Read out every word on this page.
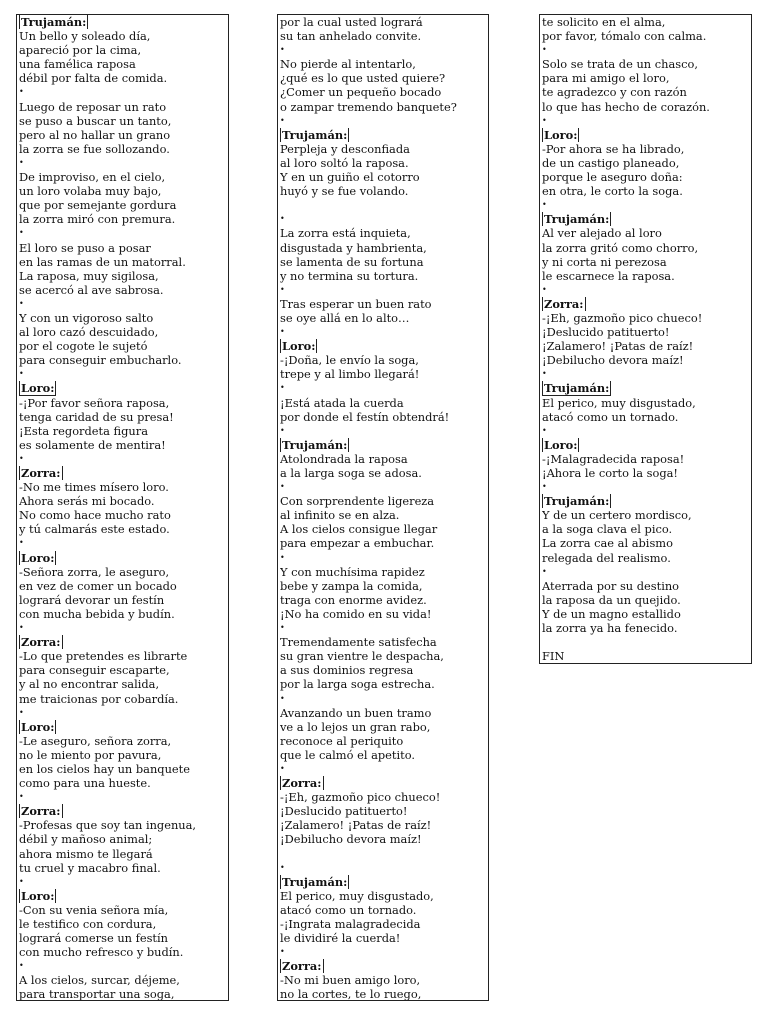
Trujamán:
Un bello y soleado día,
apareció por la cima,
una famélica raposa
débil por falta de comida.
•
Luego de reposar un rato
se puso a buscar un tanto,
pero al no hallar un grano
la zorra se fue sollozando.
•
De improviso, en el cielo,
un loro volaba muy bajo,
que por semejante gordura
la zorra miró con premura.
•
El loro se puso a posar
en las ramas de un matorral.
La raposa, muy sigilosa,
se acercó al ave sabrosa.
•
Y con un vigoroso salto
al loro cazó descuidado,
por el cogote le sujetó
para conseguir embucharlo.
•
Loro:
-¡Por favor señora raposa,
tenga caridad de su presa!
¡Esta regordeta figura
es solamente de mentira!
•
Zorra:
-No me times mísero loro.
Ahora serás mi bocado.
No como hace mucho rato
y tú calmarás este estado.
•
Loro:
-Señora zorra, le aseguro,
en vez de comer un bocado
logrará devorar un festín
con mucha bebida y budín.
•
Zorra:
-Lo que pretendes es librarte
para conseguir escaparte,
y al no encontrar salida,
me traicionas por cobardía.
•
Loro:
-Le aseguro, señora zorra,
no le miento por pavura,
en los cielos hay un banquete
como para una hueste.
•
Zorra:
-Profesas que soy tan ingenua,
débil y mañoso animal;
ahora mismo te llegará
tu cruel y macabro final.
•
Loro:
-Con su venia señora mía,
le testifico con cordura,
logrará comerse un festín
con mucho refresco y budín.
•
A los cielos, surcar, déjeme,
para transportar una soga,
por la cual usted logrará
su tan anhelado convite.
•
No pierde al intentarlo,
¿qué es lo que usted quiere?
¿Comer un pequeño bocado
o zampar tremendo banquete?
•
Trujamán:
Perpleja y desconfiada
al loro soltó la raposa.
Y en un guiño el cotorro
huyó y se fue volando.
•
La zorra está inquieta,
disgustada y hambrienta,
se lamenta de su fortuna
y no termina su tortura.
•
Tras esperar un buen rato
se oye allá en lo alto…
•
Loro:
-¡Doña, le envío la soga,
trepe y al limbo llegará!
•
¡Está atada la cuerda
por donde el festín obtendrá!
•
Trujamán:
Atolondrada la raposa
a la larga soga se adosa.
•
Con sorprendente ligereza
al infinito se en alza.
A los cielos consigue llegar
para empezar a embuchar.
•
Y con muchísima rapidez
bebe y zampa la comida,
traga con enorme avidez.
¡No ha comido en su vida!
•
Tremendamente satisfecha
su gran vientre le despacha,
a sus dominios regresa
por la larga soga estrecha.
•
Avanzando un buen tramo
ve a lo lejos un gran rabo,
reconoce al periquito
que le calmó el apetito.
•
Zorra:
-¡Eh, gazmoño pico chueco!
¡Deslucido patituerto!
¡Zalamero! ¡Patas de raíz!
¡Debilucho devora maíz!
•
Trujamán:
El perico, muy disgustado,
atacó como un tornado.
-¡Ingrata malagradecida
le dividiré la cuerda!
•
Zorra:
-No mi buen amigo loro,
no la cortes, te lo ruego,
te solicito en el alma,
por favor, tómalo con calma.
•
Solo se trata de un chasco,
para mi amigo el loro,
te agradezco y con razón
lo que has hecho de corazón.
•
Loro:
-Por ahora se ha librado,
de un castigo planeado,
porque le aseguro doña:
en otra, le corto la soga.
•
Trujamán:
Al ver alejado al loro
la zorra gritó como chorro,
y ni corta ni perezosa
le escarnece la raposa.
•
Zorra:
-¡Eh, gazmoño pico chueco!
¡Deslucido patituerto!
¡Zalamero! ¡Patas de raíz!
¡Debilucho devora maíz!
•
Trujamán:
El perico, muy disgustado,
atacó como un tornado.
•
Loro:
-¡Malagradecida raposa!
¡Ahora le corto la soga!
•
Trujamán:
Y de un certero mordisco,
a la soga clava el pico.
La zorra cae al abismo
relegada del realismo.
•
Aterrada por su destino
la raposa da un quejido.
Y de un magno estallido
la zorra ya ha fenecido.
FIN
